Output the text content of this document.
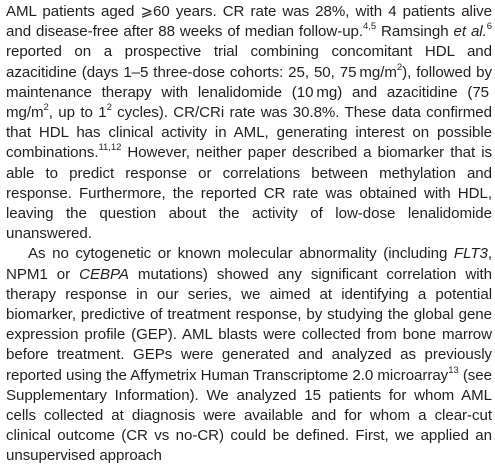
AML patients aged ⩾60 years. CR rate was 28%, with 4 patients alive and disease-free after 88 weeks of median follow-up.$^{4,5}$ Ramsingh et al.$^6$ reported on a prospective trial combining concomitant HDL and azacitidine (days 1–5 three-dose cohorts: 25, 50, 75 $mg/m^2$), followed by maintenance therapy with lenalidomide (10 mg) and azacitidine (75 $mg/m^2$, up to $1^2$ cycles). CR/CRi rate was 30.8%. These data confirmed that HDL has clinical activity in AML, generating interest on possible combinations.$^{11,12}$ However, neither paper described a biomarker that is able to predict response or correlations between methylation and response. Furthermore, the reported CR rate was obtained with HDL, leaving the question about the activity of low-dose lenalidomide unanswered.

As no cytogenetic or known molecular abnormality (including FLT3, NPM1 or CEBPA mutations) showed any significant correlation with therapy response in our series, we aimed at identifying a potential biomarker, predictive of treatment response, by studying the global gene expression profile (GEP). AML blasts were collected from bone marrow before treatment. GEPs were generated and analyzed as previously reported using the Affymetrix Human Transcriptome 2.0 microarray$^{13}$ (see Supplementary Information). We analyzed 15 patients for whom AML cells collected at diagnosis were available and for whom a clear-cut clinical outcome (CR vs no-CR) could be defined. First, we applied an unsupervised approach
